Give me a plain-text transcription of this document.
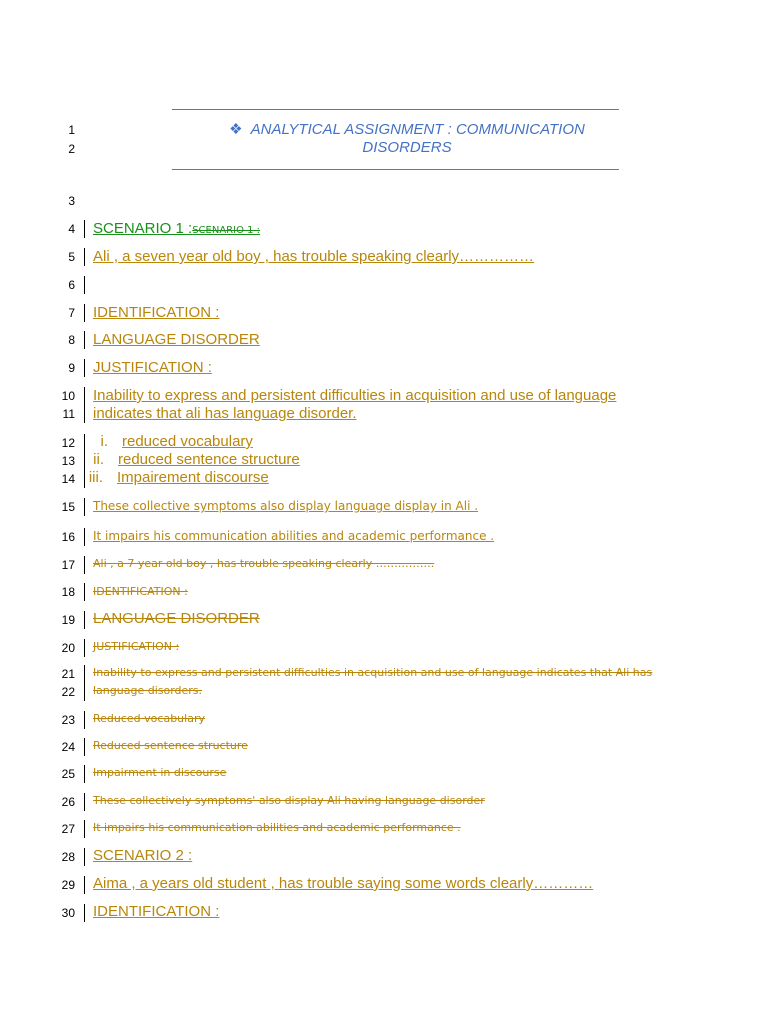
❖ ANALYTICAL ASSIGNMENT : COMMUNICATION
DISORDERS
1
2
3
4
5
6
7
8
9
10
11
12
13
14
15
16
17
18
19
20
21
22
23
24
25
26
27
28
29
30
SCENARIO 1 :SCENARIO 1 :
Ali , a seven year old boy , has trouble speaking clearly……………
IDENTIFICATION :
LANGUAGE DISORDER
JUSTIFICATION :
Inability to express and persistent difficulties in acquisition and use of language
indicates that ali has language disorder.
i. reduced vocabulary
ii. reduced sentence structure
iii. Impairement discourse
These collective symptoms also display language display in Ali .
It impairs his communication abilities and academic performance .
Ali , a 7 year old boy , has trouble speaking clearly …………….
IDENTIFICATION :
LANGUAGE DISORDER
JUSTIFICATION :
Inability to express and persistent difficulties in acquisition and use of language indicates that Ali has
language disorders.
Reduced vocabulary
Reduced sentence structure
Impairment in discourse
These collectively symptoms' also display Ali having language disorder
It impairs his communication abilities and academic performance .
SCENARIO 2 :
Aima , a years old student , has trouble saying some words clearly…………
IDENTIFICATION :
